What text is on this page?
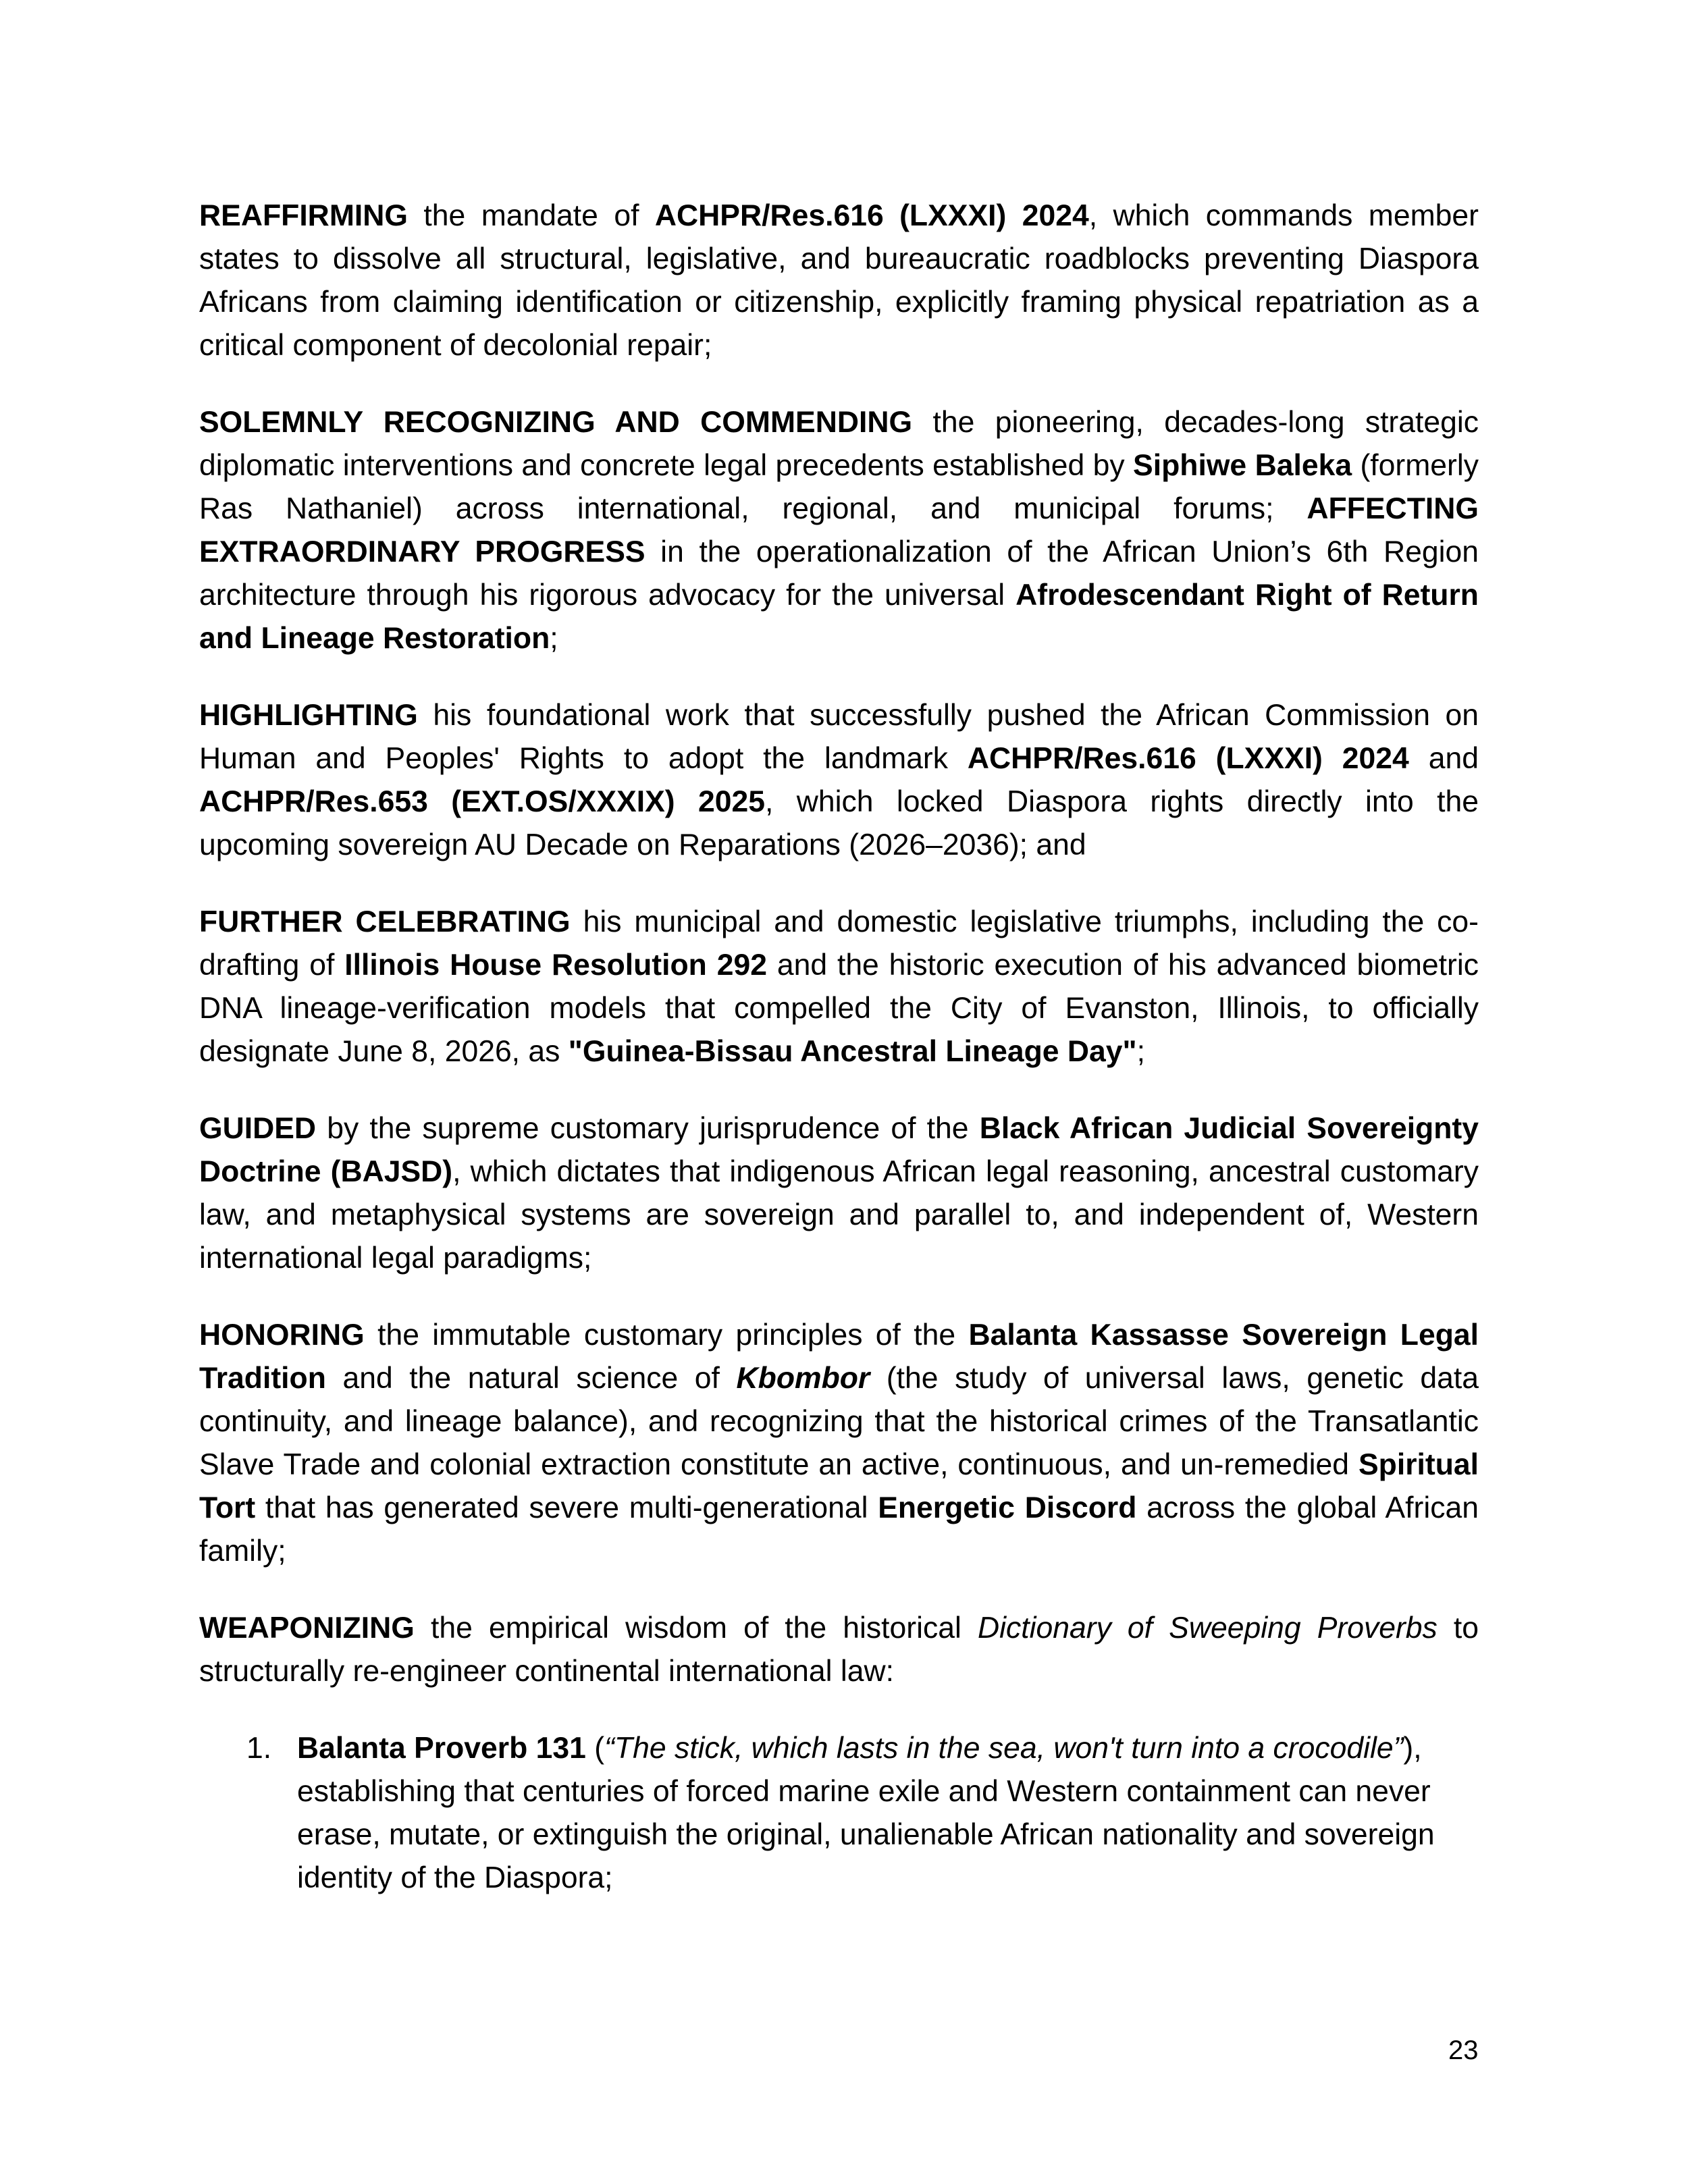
REAFFIRMING the mandate of ACHPR/Res.616 (LXXXI) 2024, which commands member states to dissolve all structural, legislative, and bureaucratic roadblocks preventing Diaspora Africans from claiming identification or citizenship, explicitly framing physical repatriation as a critical component of decolonial repair;

SOLEMNLY RECOGNIZING AND COMMENDING the pioneering, decades-long strategic diplomatic interventions and concrete legal precedents established by Siphiwe Baleka (formerly Ras Nathaniel) across international, regional, and municipal forums; AFFECTING EXTRAORDINARY PROGRESS in the operationalization of the African Union’s 6th Region architecture through his rigorous advocacy for the universal Afrodescendant Right of Return and Lineage Restoration;

HIGHLIGHTING his foundational work that successfully pushed the African Commission on Human and Peoples' Rights to adopt the landmark ACHPR/Res.616 (LXXXI) 2024 and ACHPR/Res.653 (EXT.OS/XXXIX) 2025, which locked Diaspora rights directly into the upcoming sovereign AU Decade on Reparations (2026–2036); and

FURTHER CELEBRATING his municipal and domestic legislative triumphs, including the co-drafting of Illinois House Resolution 292 and the historic execution of his advanced biometric DNA lineage-verification models that compelled the City of Evanston, Illinois, to officially designate June 8, 2026, as "Guinea-Bissau Ancestral Lineage Day";

GUIDED by the supreme customary jurisprudence of the Black African Judicial Sovereignty Doctrine (BAJSD), which dictates that indigenous African legal reasoning, ancestral customary law, and metaphysical systems are sovereign and parallel to, and independent of, Western international legal paradigms;

HONORING the immutable customary principles of the Balanta Kassasse Sovereign Legal Tradition and the natural science of Kbombor (the study of universal laws, genetic data continuity, and lineage balance), and recognizing that the historical crimes of the Transatlantic Slave Trade and colonial extraction constitute an active, continuous, and un-remedied Spiritual Tort that has generated severe multi-generational Energetic Discord across the global African family;

WEAPONIZING the empirical wisdom of the historical Dictionary of Sweeping Proverbs to structurally re-engineer continental international law:

1. Balanta Proverb 131 (“The stick, which lasts in the sea, won't turn into a crocodile”), establishing that centuries of forced marine exile and Western containment can never erase, mutate, or extinguish the original, unalienable African nationality and sovereign identity of the Diaspora;
23
